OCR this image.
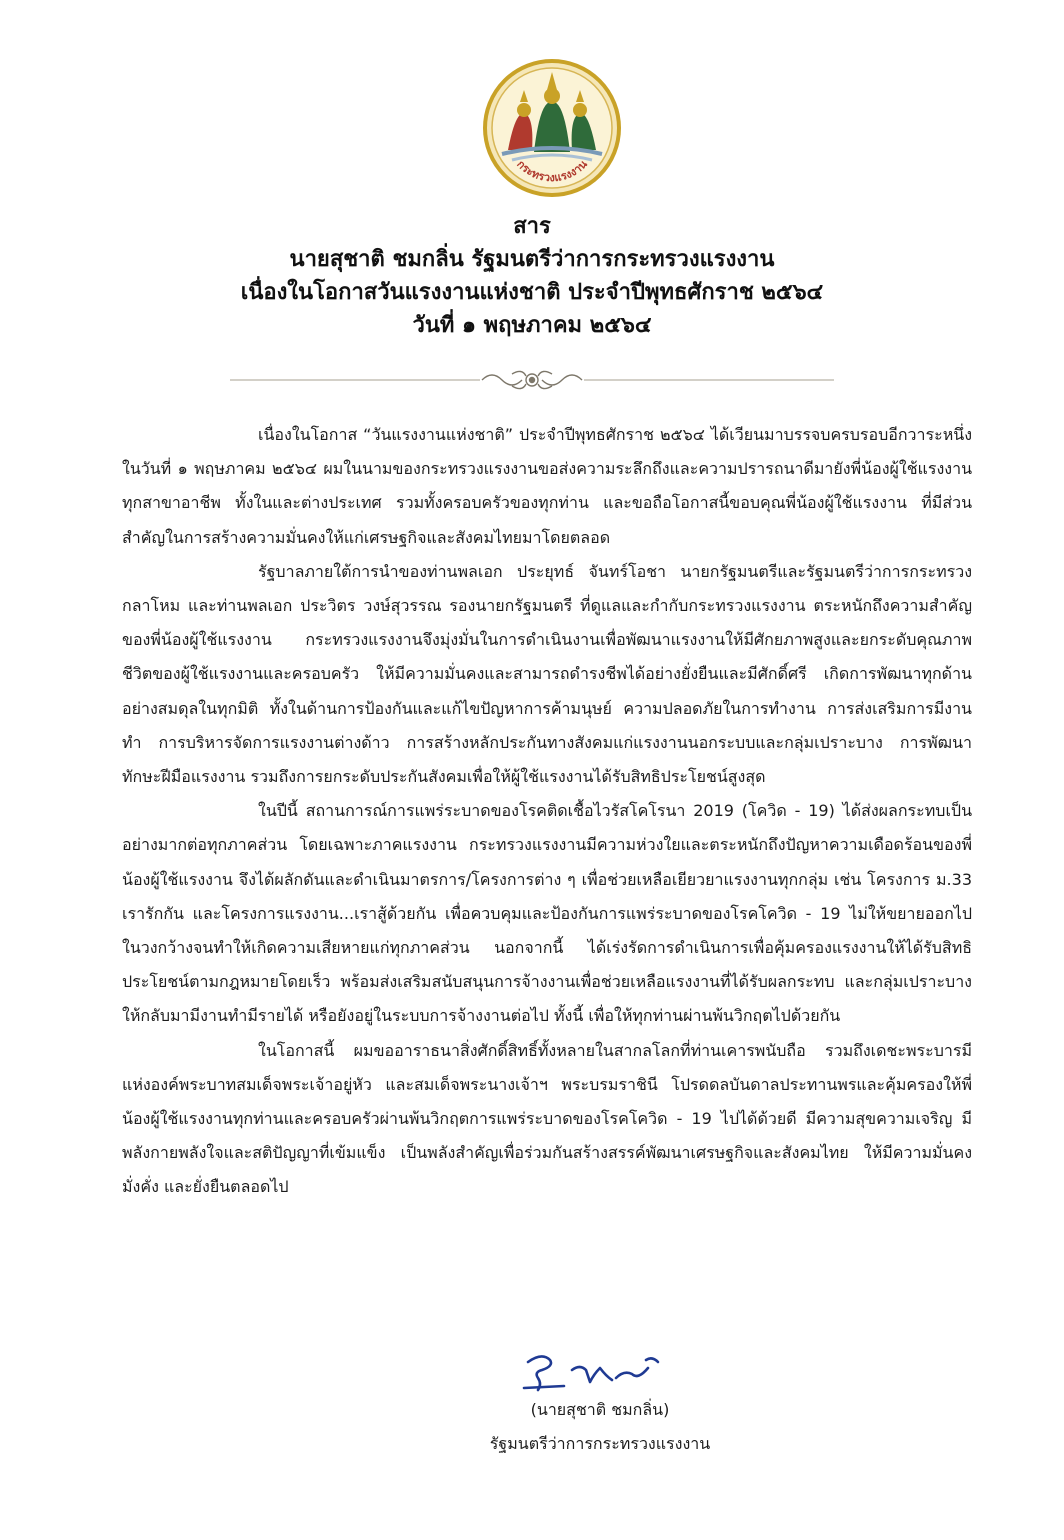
กระทรวงแรงงาน
สาร
นายสุชาติ ชมกลิ่น รัฐมนตรีว่าการกระทรวงแรงงาน
เนื่องในโอกาสวันแรงงานแห่งชาติ ประจำปีพุทธศักราช ๒๕๖๔
วันที่ ๑ พฤษภาคม ๒๕๖๔

เนื่องในโอกาส “วันแรงงานแห่งชาติ” ประจำปีพุทธศักราช ๒๕๖๔ ได้เวียนมาบรรจบครบรอบอีกวาระหนึ่ง ในวันที่ ๑ พฤษภาคม ๒๕๖๔ ผมในนามของกระทรวงแรงงานขอส่งความระลึกถึงและความปรารถนาดีมายังพี่น้องผู้ใช้แรงงานทุกสาขาอาชีพ ทั้งในและต่างประเทศ รวมทั้งครอบครัวของทุกท่าน และขอถือโอกาสนี้ขอบคุณพี่น้องผู้ใช้แรงงาน ที่มีส่วนสำคัญในการสร้างความมั่นคงให้แก่เศรษฐกิจและสังคมไทยมาโดยตลอด

รัฐบาลภายใต้การนำของท่านพลเอก ประยุทธ์ จันทร์โอชา นายกรัฐมนตรีและรัฐมนตรีว่าการกระทรวงกลาโหม และท่านพลเอก ประวิตร วงษ์สุวรรณ รองนายกรัฐมนตรี ที่ดูแลและกำกับกระทรวงแรงงาน ตระหนักถึงความสำคัญของพี่น้องผู้ใช้แรงงาน กระทรวงแรงงานจึงมุ่งมั่นในการดำเนินงานเพื่อพัฒนาแรงงานให้มีศักยภาพสูงและยกระดับคุณภาพชีวิตของผู้ใช้แรงงานและครอบครัว ให้มีความมั่นคงและสามารถดำรงชีพได้อย่างยั่งยืนและมีศักดิ์ศรี เกิดการพัฒนาทุกด้านอย่างสมดุลในทุกมิติ ทั้งในด้านการป้องกันและแก้ไขปัญหาการค้ามนุษย์ ความปลอดภัยในการทำงาน การส่งเสริมการมีงานทำ การบริหารจัดการแรงงานต่างด้าว การสร้างหลักประกันทางสังคมแก่แรงงานนอกระบบและกลุ่มเปราะบาง การพัฒนาทักษะฝีมือแรงงาน รวมถึงการยกระดับประกันสังคมเพื่อให้ผู้ใช้แรงงานได้รับสิทธิประโยชน์สูงสุด

ในปีนี้ สถานการณ์การแพร่ระบาดของโรคติดเชื้อไวรัสโคโรนา 2019 (โควิด - 19) ได้ส่งผลกระทบเป็นอย่างมากต่อทุกภาคส่วน โดยเฉพาะภาคแรงงาน กระทรวงแรงงานมีความห่วงใยและตระหนักถึงปัญหาความเดือดร้อนของพี่น้องผู้ใช้แรงงาน จึงได้ผลักดันและดำเนินมาตรการ/โครงการต่าง ๆ เพื่อช่วยเหลือเยียวยาแรงงานทุกกลุ่ม เช่น โครงการ ม.33 เรารักกัน และโครงการแรงงาน...เราสู้ด้วยกัน เพื่อควบคุมและป้องกันการแพร่ระบาดของโรคโควิด - 19 ไม่ให้ขยายออกไปในวงกว้างจนทำให้เกิดความเสียหายแก่ทุกภาคส่วน นอกจากนี้ ได้เร่งรัดการดำเนินการเพื่อคุ้มครองแรงงานให้ได้รับสิทธิประโยชน์ตามกฎหมายโดยเร็ว พร้อมส่งเสริมสนับสนุนการจ้างงานเพื่อช่วยเหลือแรงงานที่ได้รับผลกระทบ และกลุ่มเปราะบางให้กลับมามีงานทำมีรายได้ หรือยังอยู่ในระบบการจ้างงานต่อไป ทั้งนี้ เพื่อให้ทุกท่านผ่านพ้นวิกฤตไปด้วยกัน

ในโอกาสนี้ ผมขออาราธนาสิ่งศักดิ์สิทธิ์ทั้งหลายในสากลโลกที่ท่านเคารพนับถือ รวมถึงเดชะพระบารมีแห่งองค์พระบาทสมเด็จพระเจ้าอยู่หัว และสมเด็จพระนางเจ้าฯ พระบรมราชินี โปรดดลบันดาลประทานพรและคุ้มครองให้พี่น้องผู้ใช้แรงงานทุกท่านและครอบครัวผ่านพ้นวิกฤตการแพร่ระบาดของโรคโควิด - 19 ไปได้ด้วยดี มีความสุขความเจริญ มีพลังกายพลังใจและสติปัญญาที่เข้มแข็ง เป็นพลังสำคัญเพื่อร่วมกันสร้างสรรค์พัฒนาเศรษฐกิจและสังคมไทย ให้มีความมั่นคง มั่งคั่ง และยั่งยืนตลอดไป

(นายสุชาติ ชมกลิ่น)
รัฐมนตรีว่าการกระทรวงแรงงาน
